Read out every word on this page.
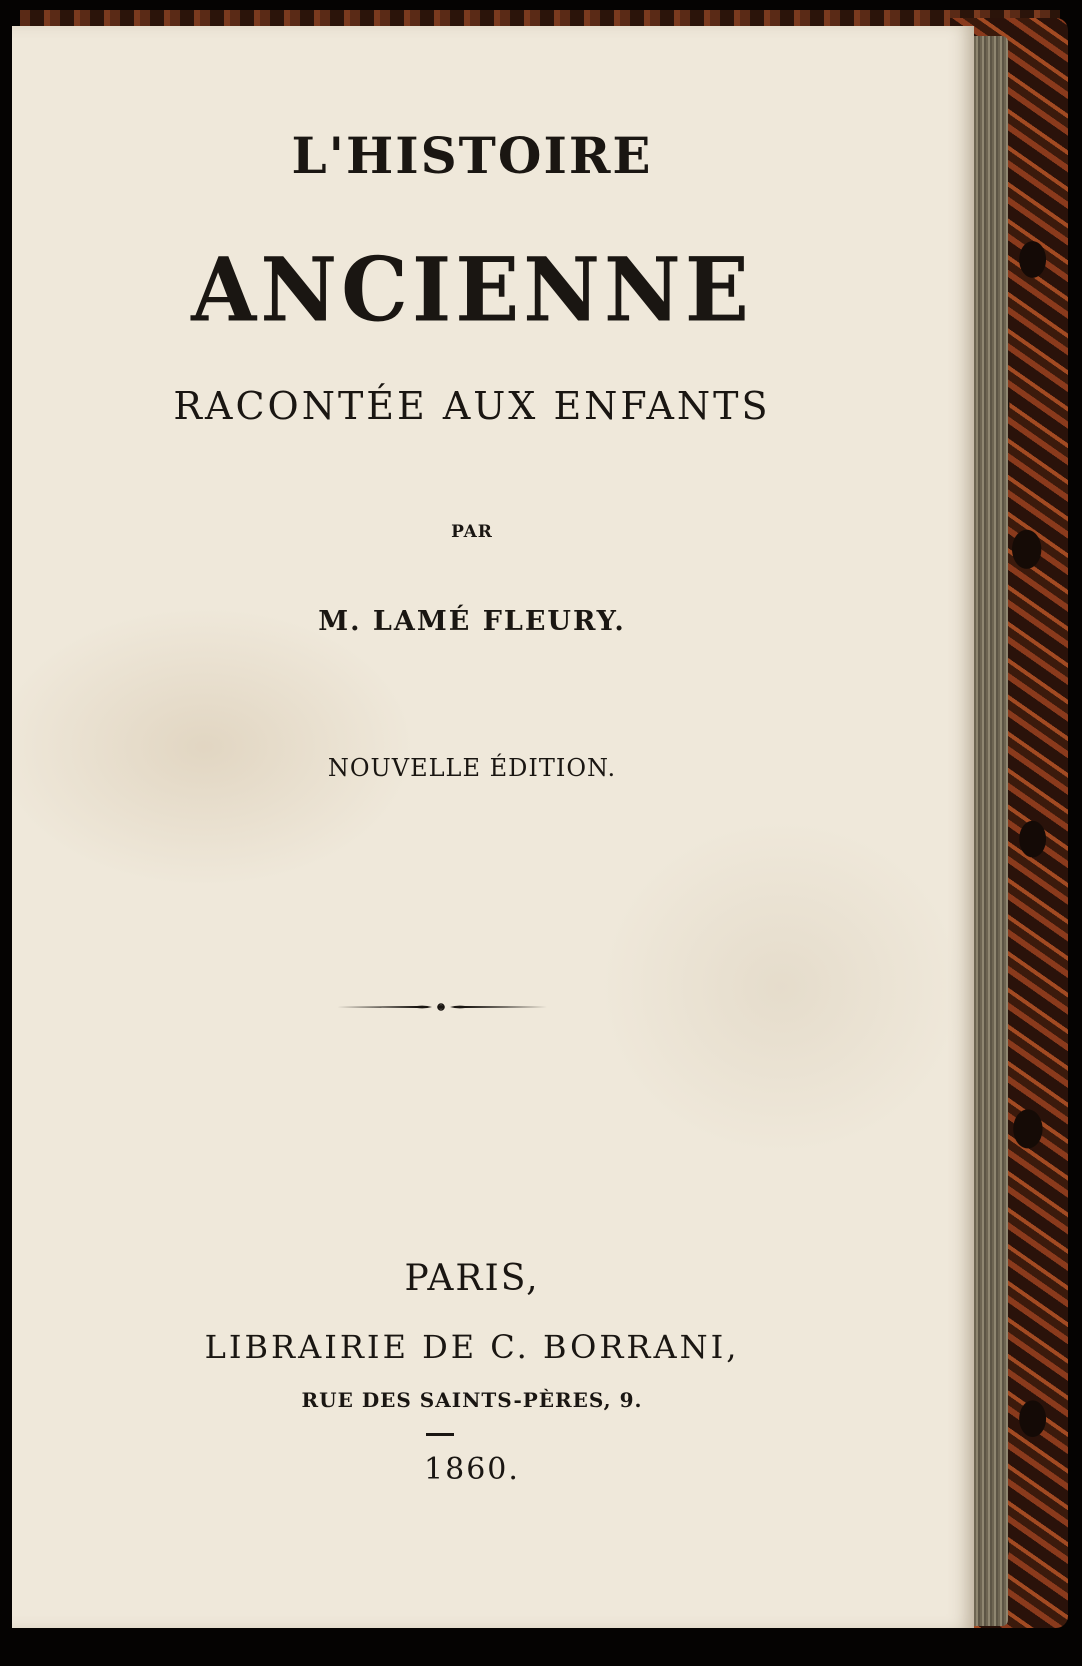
L'HISTOIRE
ANCIENNE
RACONTÉE AUX ENFANTS
PAR
M. LAMÉ FLEURY.
NOUVELLE ÉDITION.
PARIS,
LIBRAIRIE DE C. BORRANI,
RUE DES SAINTS-PÈRES, 9.
1860.
